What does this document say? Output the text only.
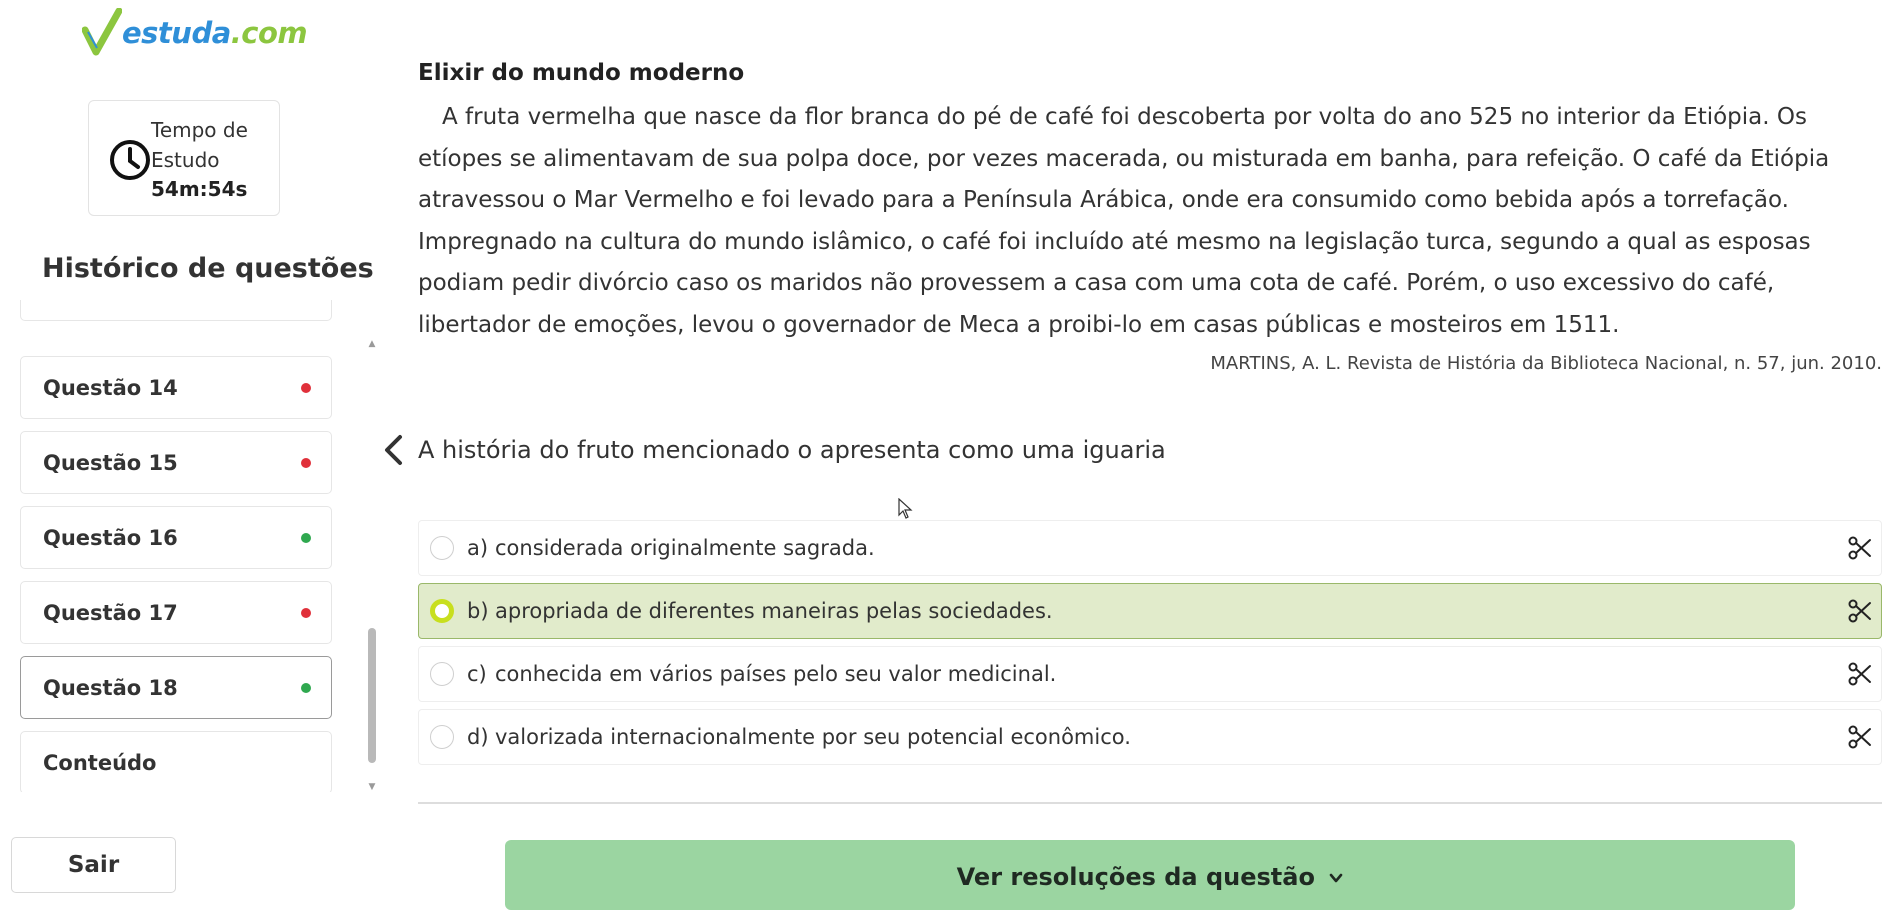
estuda.com
Tempo de Estudo
54m:54s
Histórico de questões
Questão 14
Questão 15
Questão 16
Questão 17
Questão 18
Conteúdo
▲
▼
Sair
Elixir do mundo moderno
A fruta vermelha que nasce da flor branca do pé de café foi descoberta por volta do ano 525 no interior da Etiópia. Os etíopes se alimentavam de sua polpa doce, por vezes macerada, ou misturada em banha, para refeição. O café da Etiópia atravessou o Mar Vermelho e foi levado para a Península Arábica, onde era consumido como bebida após a torrefação. Impregnado na cultura do mundo islâmico, o café foi incluído até mesmo na legislação turca, segundo a qual as esposas podiam pedir divórcio caso os maridos não provessem a casa com uma cota de café. Porém, o uso excessivo do café, libertador de emoções, levou o governador de Meca a proibi-lo em casas públicas e mosteiros em 1511.
MARTINS, A. L. Revista de História da Biblioteca Nacional, n. 57, jun. 2010.
A história do fruto mencionado o apresenta como uma iguaria
a) considerada originalmente sagrada.
b) apropriada de diferentes maneiras pelas sociedades.
c) conhecida em vários países pelo seu valor medicinal.
d) valorizada internacionalmente por seu potencial econômico.
Ver resoluções da questão
